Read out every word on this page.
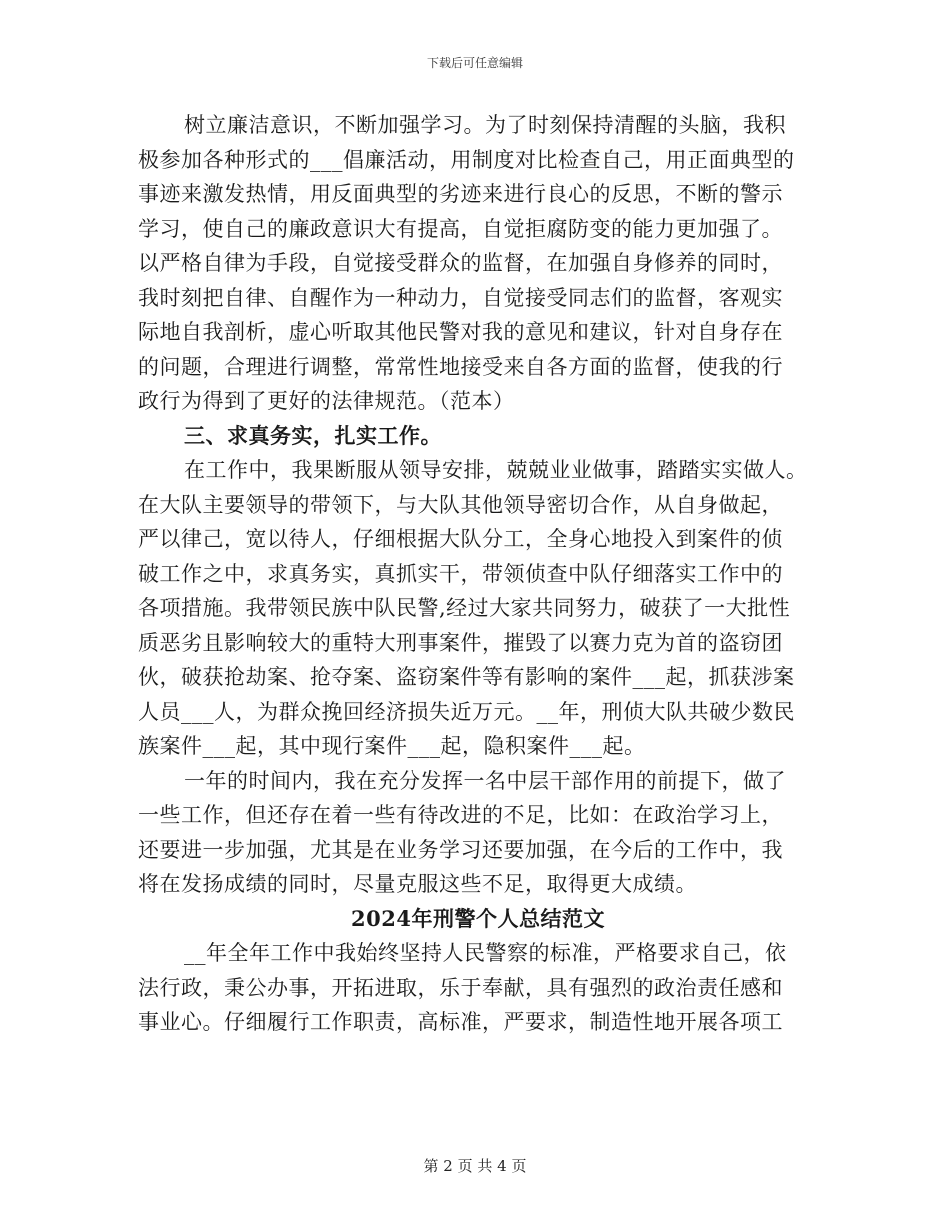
下载后可任意编辑
树立廉洁意识，不断加强学习。为了时刻保持清醒的头脑，我积
极参加各种形式的___倡廉活动，用制度对比检查自己，用正面典型的
事迹来激发热情，用反面典型的劣迹来进行良心的反思，不断的警示
学习，使自己的廉政意识大有提高，自觉拒腐防变的能力更加强了。
以严格自律为手段，自觉接受群众的监督，在加强自身修养的同时，
我时刻把自律、自醒作为一种动力，自觉接受同志们的监督，客观实
际地自我剖析，虚心听取其他民警对我的意见和建议，针对自身存在
的问题，合理进行调整，常常性地接受来自各方面的监督，使我的行
政行为得到了更好的法律规范。（范本）
三、求真务实，扎实工作。
在工作中，我果断服从领导安排，兢兢业业做事，踏踏实实做人。
在大队主要领导的带领下，与大队其他领导密切合作，从自身做起，
严以律己，宽以待人，仔细根据大队分工，全身心地投入到案件的侦
破工作之中，求真务实，真抓实干，带领侦查中队仔细落实工作中的
各项措施。我带领民族中队民警,经过大家共同努力，破获了一大批性
质恶劣且影响较大的重特大刑事案件，摧毁了以赛力克为首的盗窃团
伙，破获抢劫案、抢夺案、盗窃案件等有影响的案件___起，抓获涉案
人员___人，为群众挽回经济损失近万元。__年，刑侦大队共破少数民
族案件___起，其中现行案件___起，隐积案件___起。
一年的时间内，我在充分发挥一名中层干部作用的前提下，做了
一些工作，但还存在着一些有待改进的不足，比如：在政治学习上，
还要进一步加强，尤其是在业务学习还要加强，在今后的工作中，我
将在发扬成绩的同时，尽量克服这些不足，取得更大成绩。
2024年刑警个人总结范文
__年全年工作中我始终坚持人民警察的标准，严格要求自己，依
法行政，秉公办事，开拓进取，乐于奉献，具有强烈的政治责任感和
事业心。仔细履行工作职责，高标准，严要求，制造性地开展各项工
第 2 页 共 4 页
